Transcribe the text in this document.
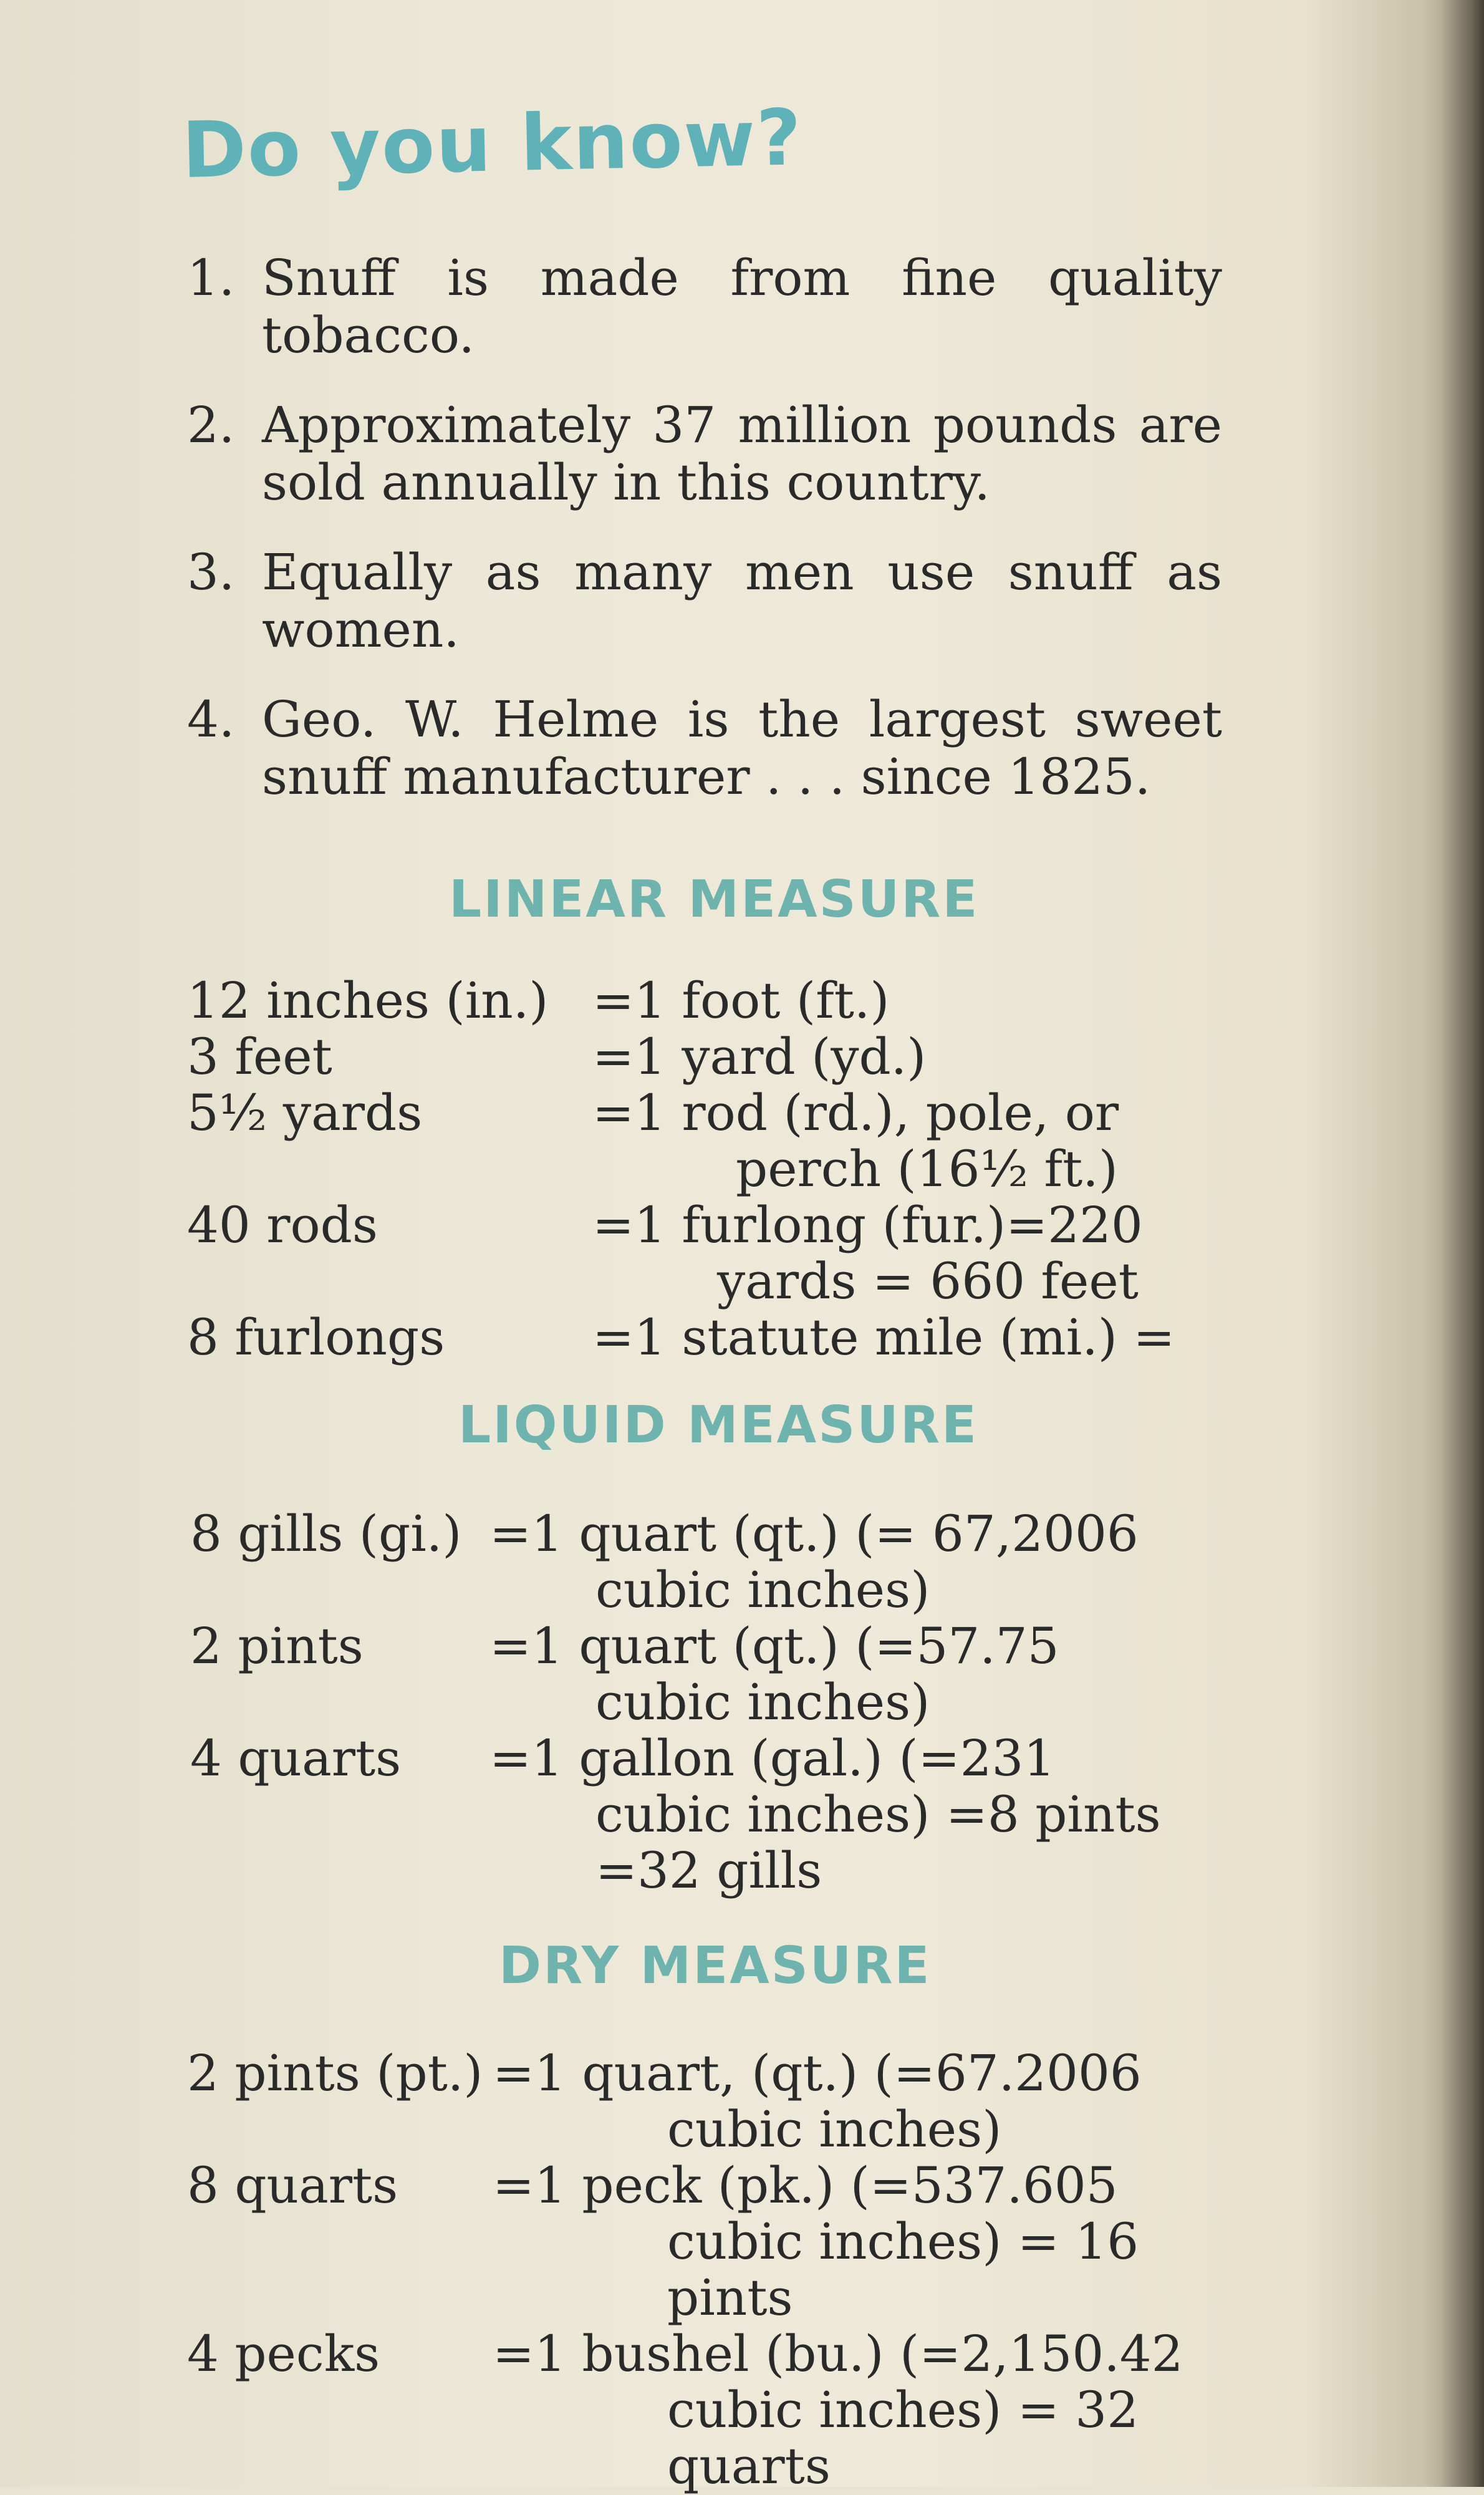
Do you know?
1. Snuff is made from fine quality tobacco.
2. Approximately 37 million pounds are sold annually in this country.
3. Equally as many men use snuff as women.
4. Geo. W. Helme is the largest sweet snuff manufacturer . . . since 1825.
LINEAR MEASURE
12 inches (in.) =1 foot (ft.)
3 feet	=1 yard (yd.)
5½ yards	=1 rod (rd.), pole, or
perch (16½ ft.)
40 rods	=1 furlong (fur.)=220
yards = 660 feet
8 furlongs	=1 statute mile (mi.) =
LIQUID MEASURE
8 gills (gi.) =1 quart (qt.) (= 67,2006
cubic inches)
2 pints	=1 quart (qt.) (=57.75
cubic inches)
4 quarts	=1 gallon (gal.) (=231
cubic inches) =8 pints
=32 gills
DRY MEASURE
2 pints (pt.) =1 quart, (qt.) (=67.2006
cubic inches)
8 quarts	=1 peck (pk.) (=537.605
cubic inches) = 16
pints
4 pecks	=1 bushel (bu.) (=2,150.42
cubic inches) = 32
quarts
